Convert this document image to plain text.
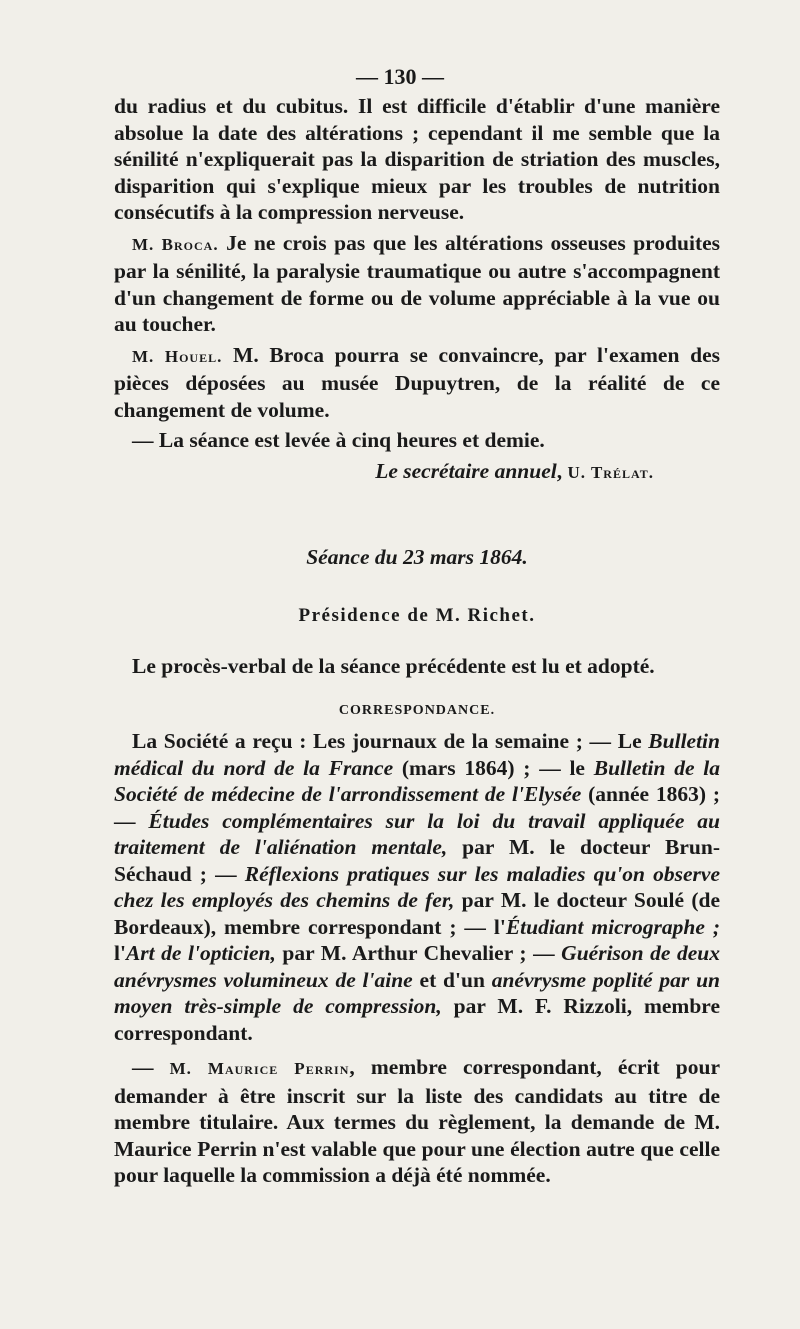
— 130 —

du radius et du cubitus. Il est difficile d'établir d'une manière absolue la date des altérations ; cependant il me semble que la sénilité n'expliquerait pas la disparition de striation des muscles, disparition qui s'explique mieux par les troubles de nutrition consécutifs à la compression nerveuse.

M. Broca. Je ne crois pas que les altérations osseuses produites par la sénilité, la paralysie traumatique ou autre s'accompagnent d'un changement de forme ou de volume appréciable à la vue ou au toucher.

M. Houel. M. Broca pourra se convaincre, par l'examen des pièces déposées au musée Dupuytren, de la réalité de ce changement de volume.

— La séance est levée à cinq heures et demie.

Le secrétaire annuel, U. Trélat.

Séance du 23 mars 1864.

Présidence de M. Richet.

Le procès-verbal de la séance précédente est lu et adopté.

CORRESPONDANCE.

La Société a reçu : Les journaux de la semaine ; — Le Bulletin médical du nord de la France (mars 1864) ; — le Bulletin de la Société de médecine de l'arrondissement de l'Elysée (année 1863) ; — Études complémentaires sur la loi du travail appliquée au traitement de l'aliénation mentale, par M. le docteur Brun-Séchaud ; — Réflexions pratiques sur les maladies qu'on observe chez les employés des chemins de fer, par M. le docteur Soulé (de Bordeaux), membre correspondant ; — l'Étudiant micrographe ; l'Art de l'opticien, par M. Arthur Chevalier ; — Guérison de deux anévrysmes volumineux de l'aine et d'un anévrysme poplité par un moyen très-simple de compression, par M. F. Rizzoli, membre correspondant.

— M. Maurice Perrin, membre correspondant, écrit pour demander à être inscrit sur la liste des candidats au titre de membre titulaire. Aux termes du règlement, la demande de M. Maurice Perrin n'est valable que pour une élection autre que celle pour laquelle la commission a déjà été nommée.
